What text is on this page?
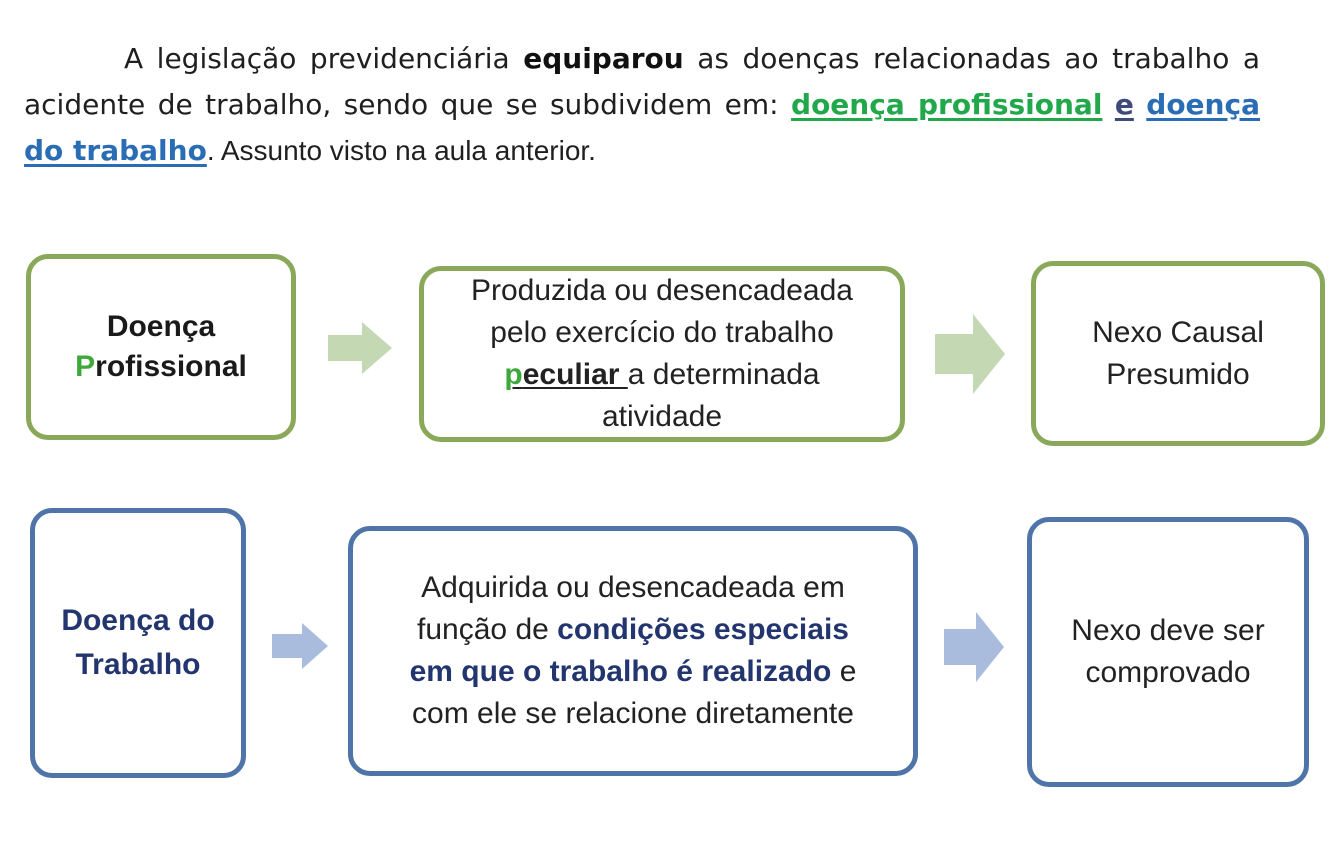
A legislação previdenciária equiparou as doenças relacionadas ao trabalho a acidente de trabalho, sendo que se subdividem em: doença profissional e doença do trabalho. Assunto visto na aula anterior.

Doença
Profissional
Produzida ou desencadeada
pelo exercício do trabalho
peculiar a determinada
atividade
Nexo Causal
Presumido
Doença do
Trabalho
Adquirida ou desencadeada em
função de condições especiais
em que o trabalho é realizado e
com ele se relacione diretamente
Nexo deve ser
comprovado
